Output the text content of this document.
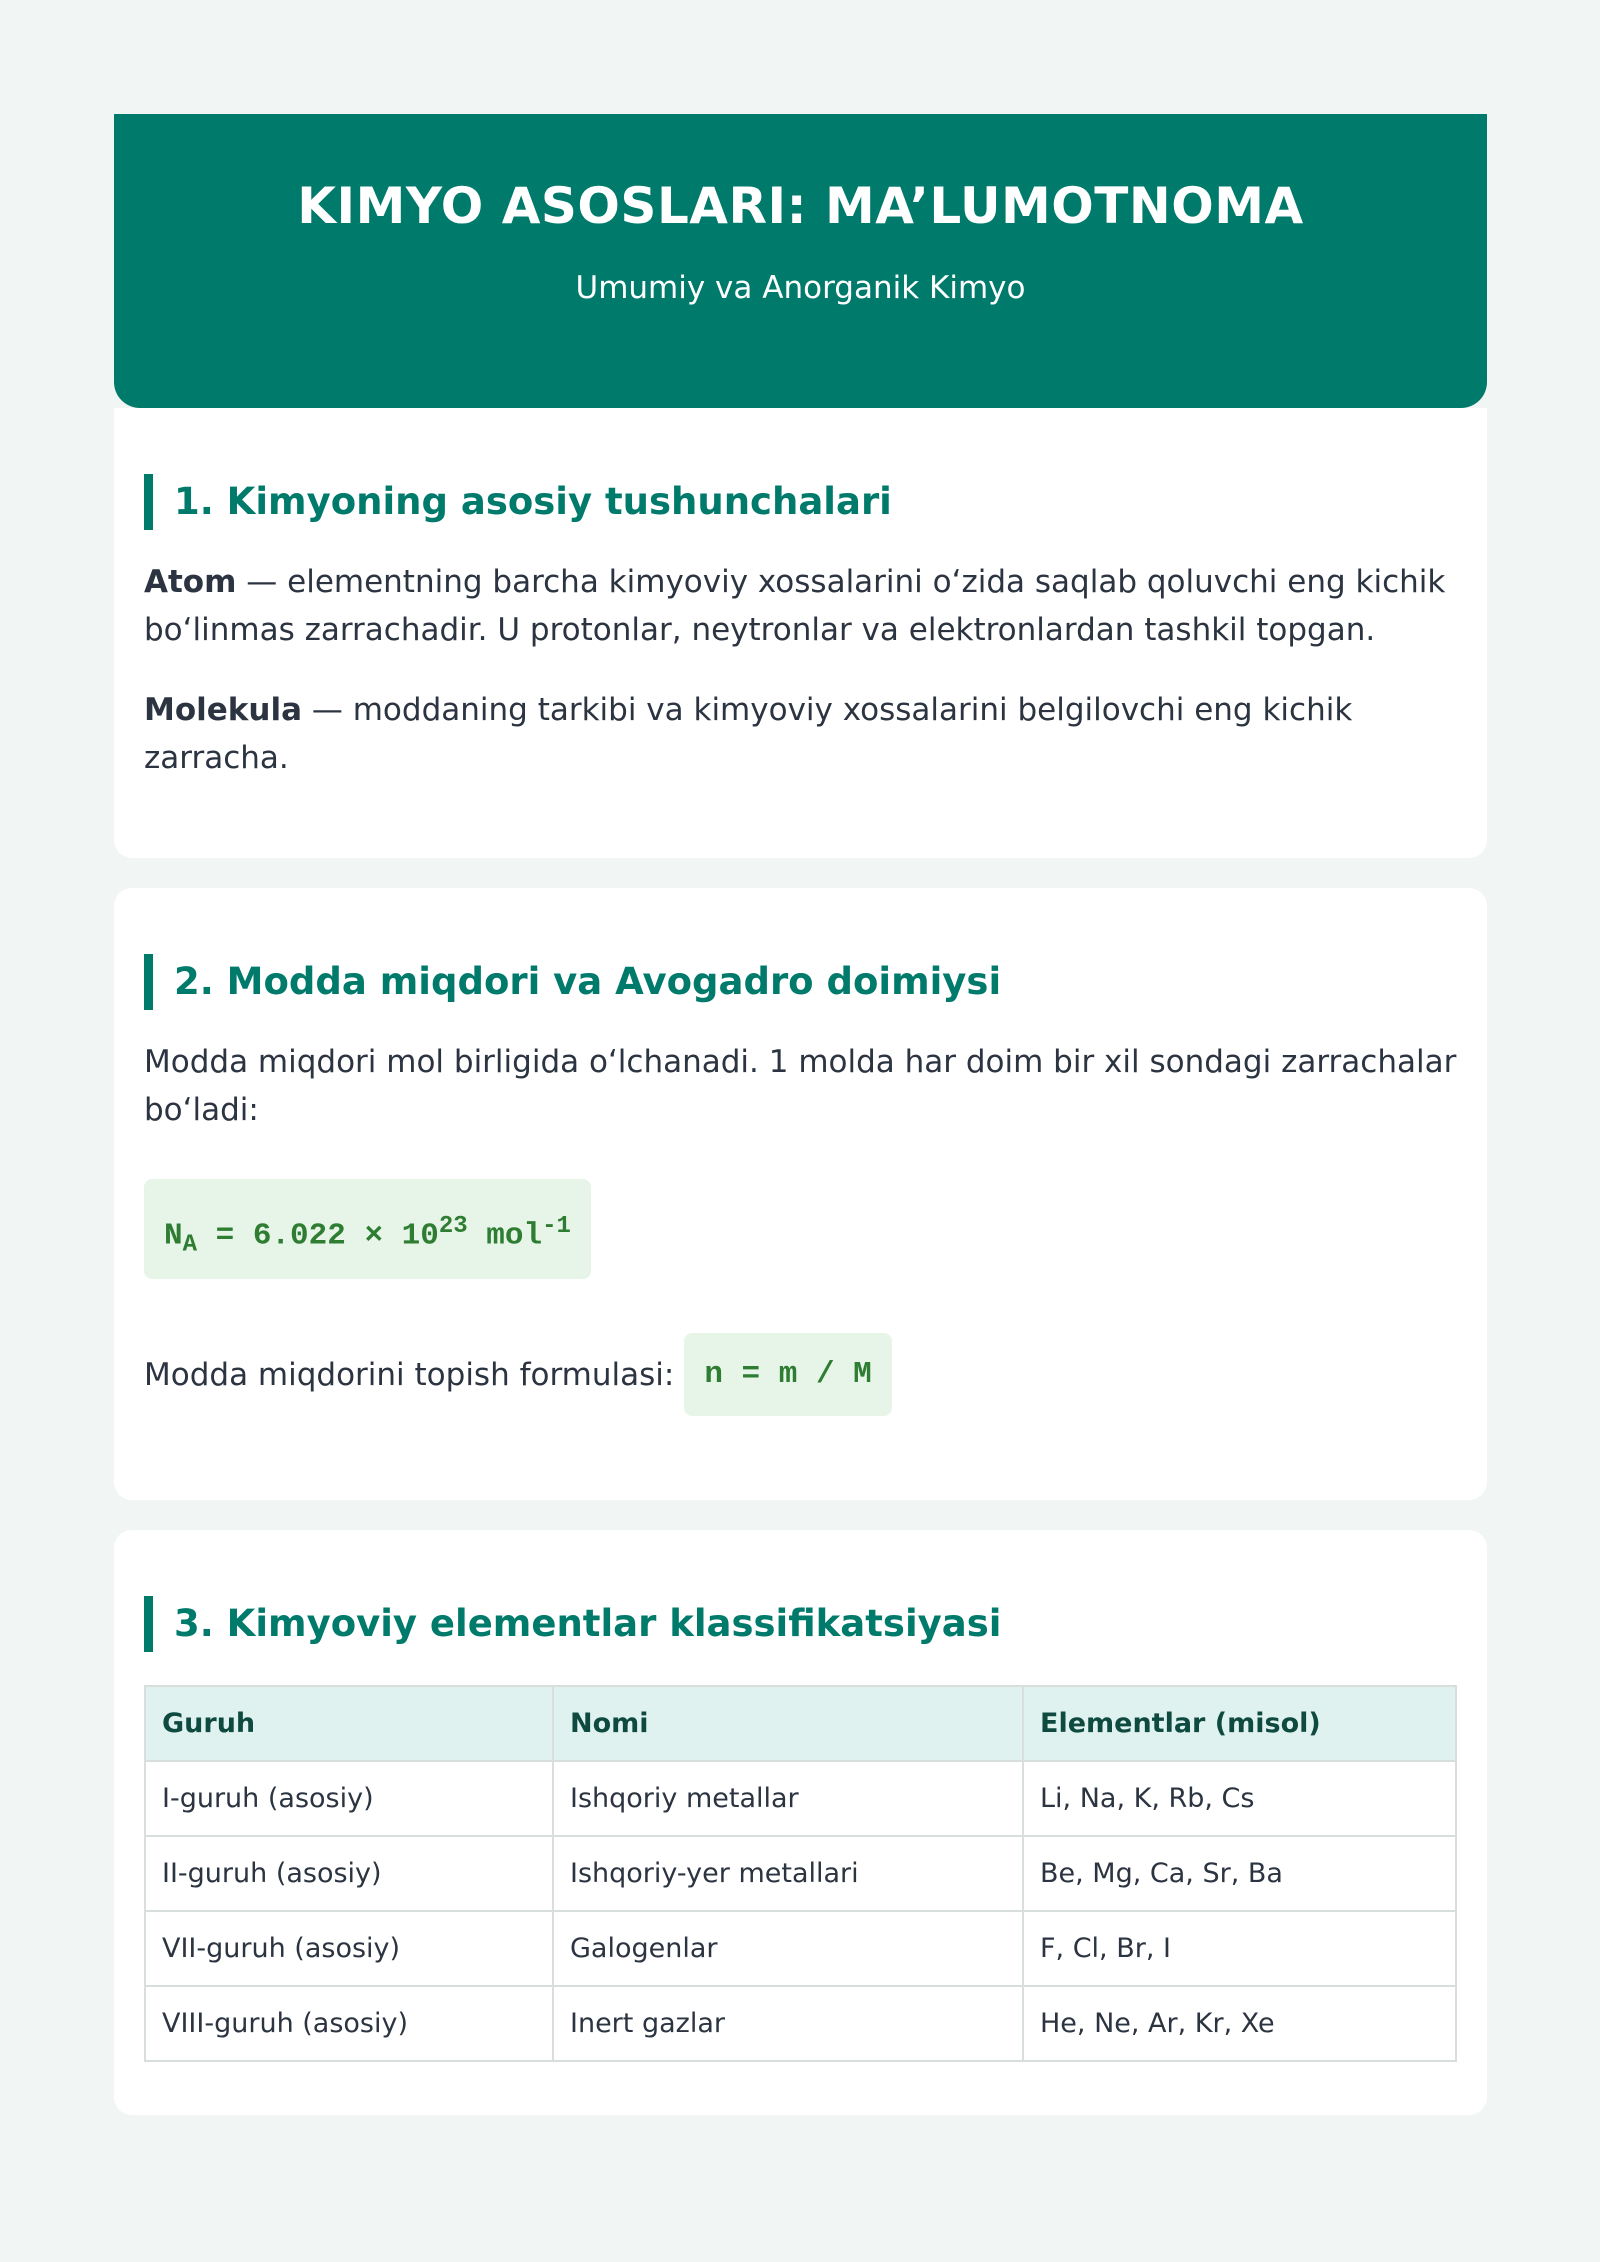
KIMYO ASOSLARI: MA’LUMOTNOMA
Umumiy va Anorganik Kimyo
1. Kimyoning asosiy tushunchalari

Atom — elementning barcha kimyoviy xossalarini o‘zida saqlab qoluvchi eng kichik bo‘linmas zarrachadir. U protonlar, neytronlar va elektronlardan tashkil topgan.

Molekula — moddaning tarkibi va kimyoviy xossalarini belgilovchi eng kichik zarracha.

2. Modda miqdori va Avogadro doimiysi

Modda miqdori mol birligida o‘lchanadi. 1 molda har doim bir xil sondagi zarrachalar bo‘ladi:

$N_A = 6.022 \times 10^{23}$ mol$^{-1}$
Modda miqdorini topish formulasi: n = m / M
3. Kimyoviy elementlar klassifikatsiyasi
Guruh	Nomi	Elementlar (misol)
I-guruh (asosiy)	Ishqoriy metallar	Li, Na, K, Rb, Cs
II-guruh (asosiy)	Ishqoriy-yer metallari	Be, Mg, Ca, Sr, Ba
VII-guruh (asosiy)	Galogenlar	F, Cl, Br, I
VIII-guruh (asosiy)	Inert gazlar	He, Ne, Ar, Kr, Xe
